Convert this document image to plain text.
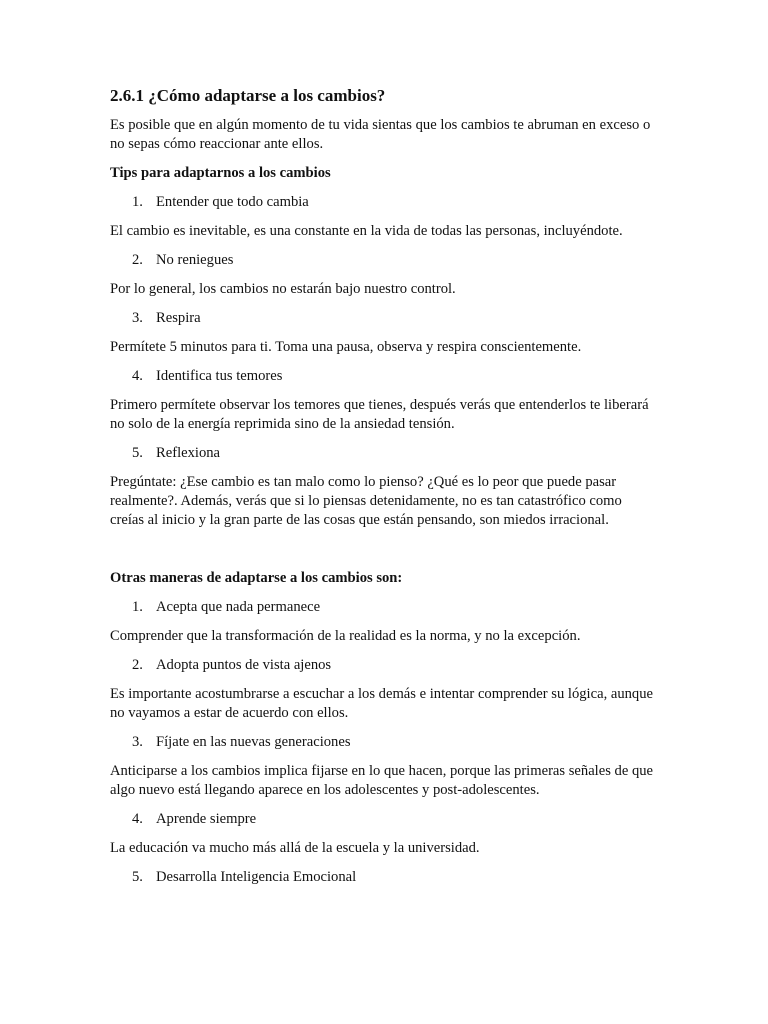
2.6.1 ¿Cómo adaptarse a los cambios?

Es posible que en algún momento de tu vida sientas que los cambios te abruman en exceso o no sepas cómo reaccionar ante ellos.

Tips para adaptarnos a los cambios

1. Entender que todo cambia

El cambio es inevitable, es una constante en la vida de todas las personas, incluyéndote.

2. No reniegues

Por lo general, los cambios no estarán bajo nuestro control.

3. Respira

Permítete 5 minutos para ti. Toma una pausa, observa y respira conscientemente.

4. Identifica tus temores

Primero permítete observar los temores que tienes, después verás que entenderlos te liberará no solo de la energía reprimida sino de la ansiedad tensión.

5. Reflexiona

Pregúntate: ¿Ese cambio es tan malo como lo pienso? ¿Qué es lo peor que puede pasar realmente?. Además, verás que si lo piensas detenidamente, no es tan catastrófico como creías al inicio y la gran parte de las cosas que están pensando, son miedos irracional.

Otras maneras de adaptarse a los cambios son:

1. Acepta que nada permanece

Comprender que la transformación de la realidad es la norma, y no la excepción.

2. Adopta puntos de vista ajenos

Es importante acostumbrarse a escuchar a los demás e intentar comprender su lógica, aunque no vayamos a estar de acuerdo con ellos.

3. Fíjate en las nuevas generaciones

Anticiparse a los cambios implica fijarse en lo que hacen, porque las primeras señales de que algo nuevo está llegando aparece en los adolescentes y post-adolescentes.

4. Aprende siempre

La educación va mucho más allá de la escuela y la universidad.

5. Desarrolla Inteligencia Emocional
